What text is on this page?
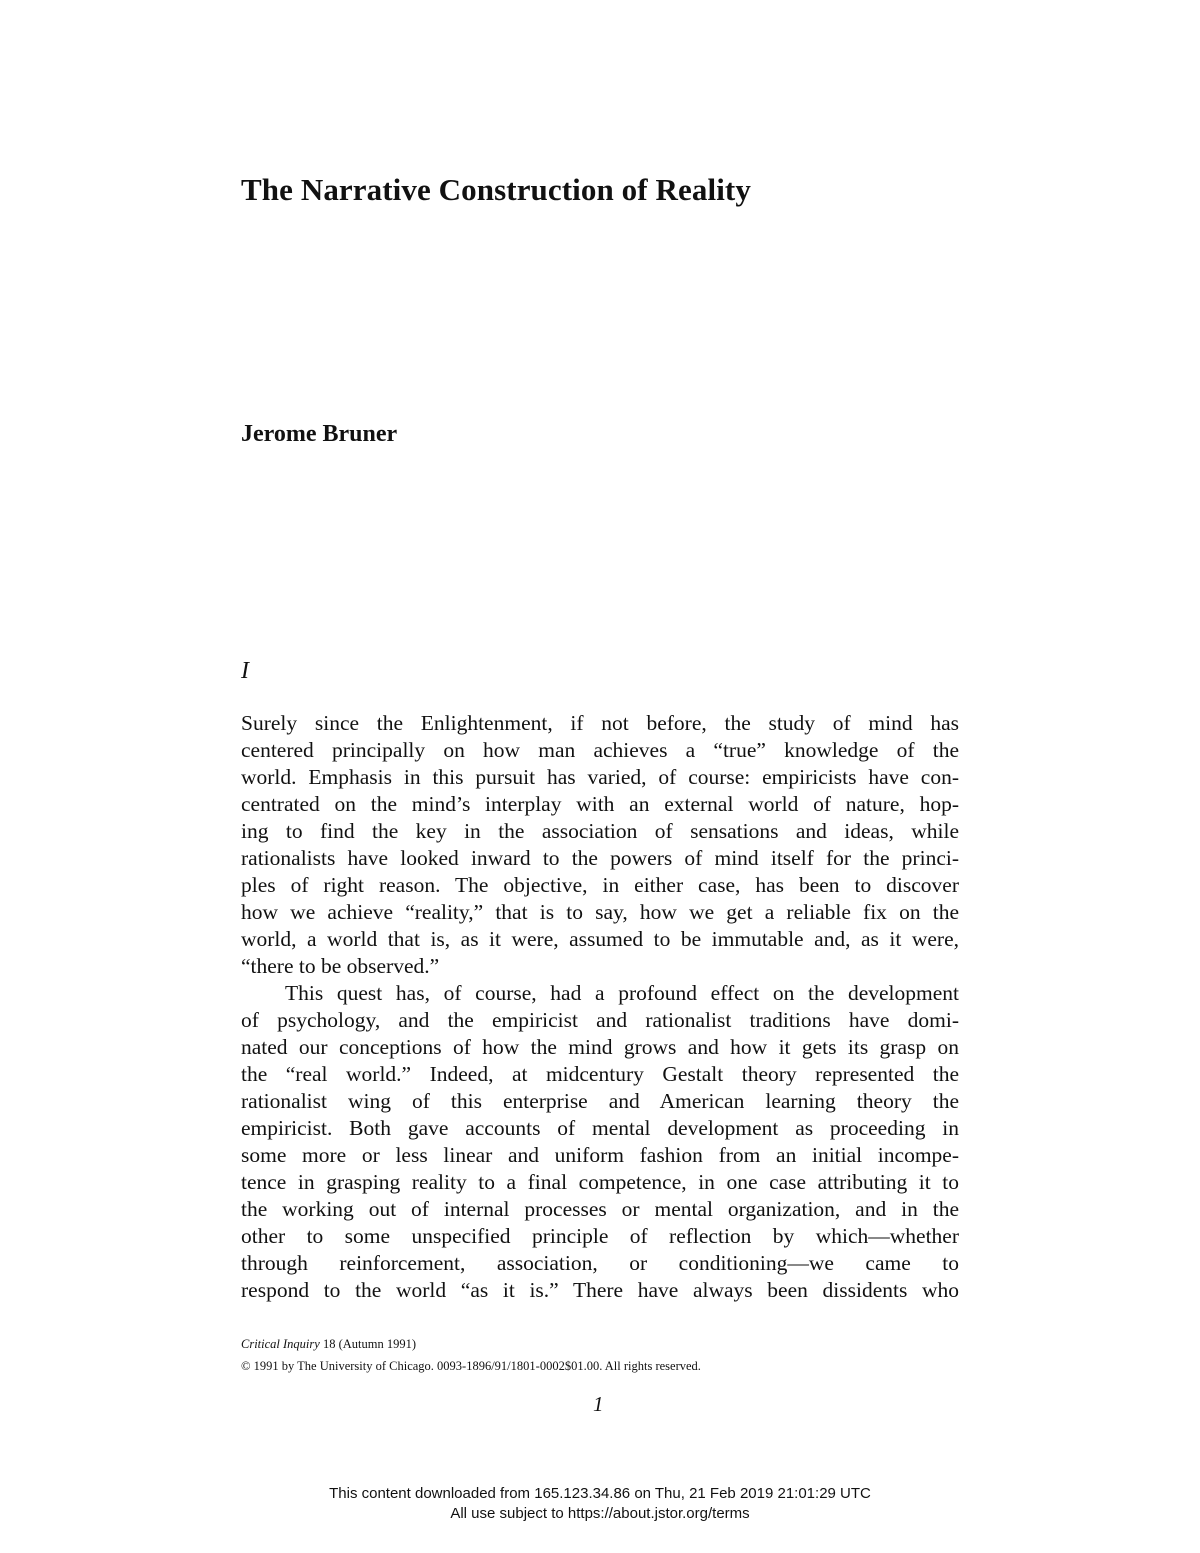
The Narrative Construction of Reality
Jerome Bruner
I
Surely since the Enlightenment, if not before, the study of mind has
centered principally on how man achieves a “true” knowledge of the
world. Emphasis in this pursuit has varied, of course: empiricists have con-
centrated on the mind’s interplay with an external world of nature, hop-
ing to find the key in the association of sensations and ideas, while
rationalists have looked inward to the powers of mind itself for the princi-
ples of right reason. The objective, in either case, has been to discover
how we achieve “reality,” that is to say, how we get a reliable fix on the
world, a world that is, as it were, assumed to be immutable and, as it were,
“there to be observed.”
This quest has, of course, had a profound effect on the development
of psychology, and the empiricist and rationalist traditions have domi-
nated our conceptions of how the mind grows and how it gets its grasp on
the “real world.” Indeed, at midcentury Gestalt theory represented the
rationalist wing of this enterprise and American learning theory the
empiricist. Both gave accounts of mental development as proceeding in
some more or less linear and uniform fashion from an initial incompe-
tence in grasping reality to a final competence, in one case attributing it to
the working out of internal processes or mental organization, and in the
other to some unspecified principle of reflection by which—whether
through reinforcement, association, or conditioning—we came to
respond to the world “as it is.” There have always been dissidents who
Critical Inquiry 18 (Autumn 1991)
© 1991 by The University of Chicago. 0093-1896/91/1801-0002$01.00. All rights reserved.
1
This content downloaded from 165.123.34.86 on Thu, 21 Feb 2019 21:01:29 UTC
All use subject to https://about.jstor.org/terms
